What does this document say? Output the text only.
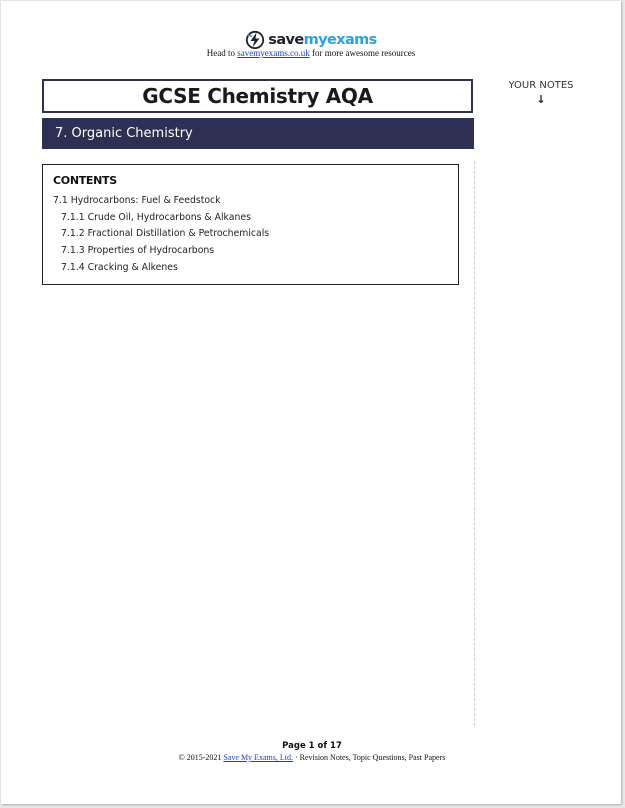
savemyexams
Head to savemyexams.co.uk for more awesome resources
GCSE Chemistry AQA
7. Organic Chemistry
YOUR NOTES
↓
CONTENTS
7.1 Hydrocarbons: Fuel & Feedstock
7.1.1 Crude Oil, Hydrocarbons & Alkanes
7.1.2 Fractional Distillation & Petrochemicals
7.1.3 Properties of Hydrocarbons
7.1.4 Cracking & Alkenes
Page 1 of 17
© 2015-2021 Save My Exams, Ltd. · Revision Notes, Topic Questions, Past Papers
